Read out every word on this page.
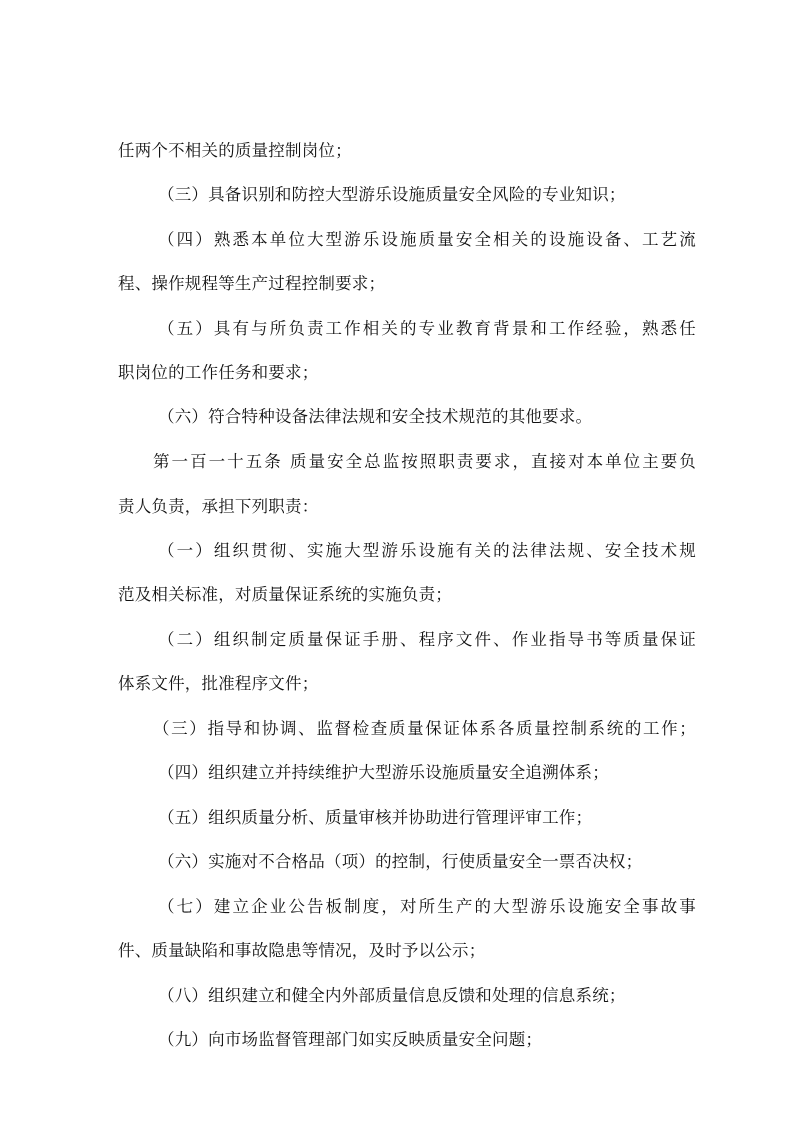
任两个不相关的质量控制岗位；
（三）具备识别和防控大型游乐设施质量安全风险的专业知识；
（四）熟悉本单位大型游乐设施质量安全相关的设施设备、工艺流
程、操作规程等生产过程控制要求；
（五）具有与所负责工作相关的专业教育背景和工作经验，熟悉任
职岗位的工作任务和要求；
（六）符合特种设备法律法规和安全技术规范的其他要求。
第一百一十五条 质量安全总监按照职责要求，直接对本单位主要负
责人负责，承担下列职责：
（一）组织贯彻、实施大型游乐设施有关的法律法规、安全技术规
范及相关标准，对质量保证系统的实施负责；
（二）组织制定质量保证手册、程序文件、作业指导书等质量保证
体系文件，批准程序文件；
（三）指导和协调、监督检查质量保证体系各质量控制系统的工作；
（四）组织建立并持续维护大型游乐设施质量安全追溯体系；
（五）组织质量分析、质量审核并协助进行管理评审工作；
（六）实施对不合格品（项）的控制，行使质量安全一票否决权；
（七）建立企业公告板制度，对所生产的大型游乐设施安全事故事
件、质量缺陷和事故隐患等情况，及时予以公示；
（八）组织建立和健全内外部质量信息反馈和处理的信息系统；
（九）向市场监督管理部门如实反映质量安全问题；
